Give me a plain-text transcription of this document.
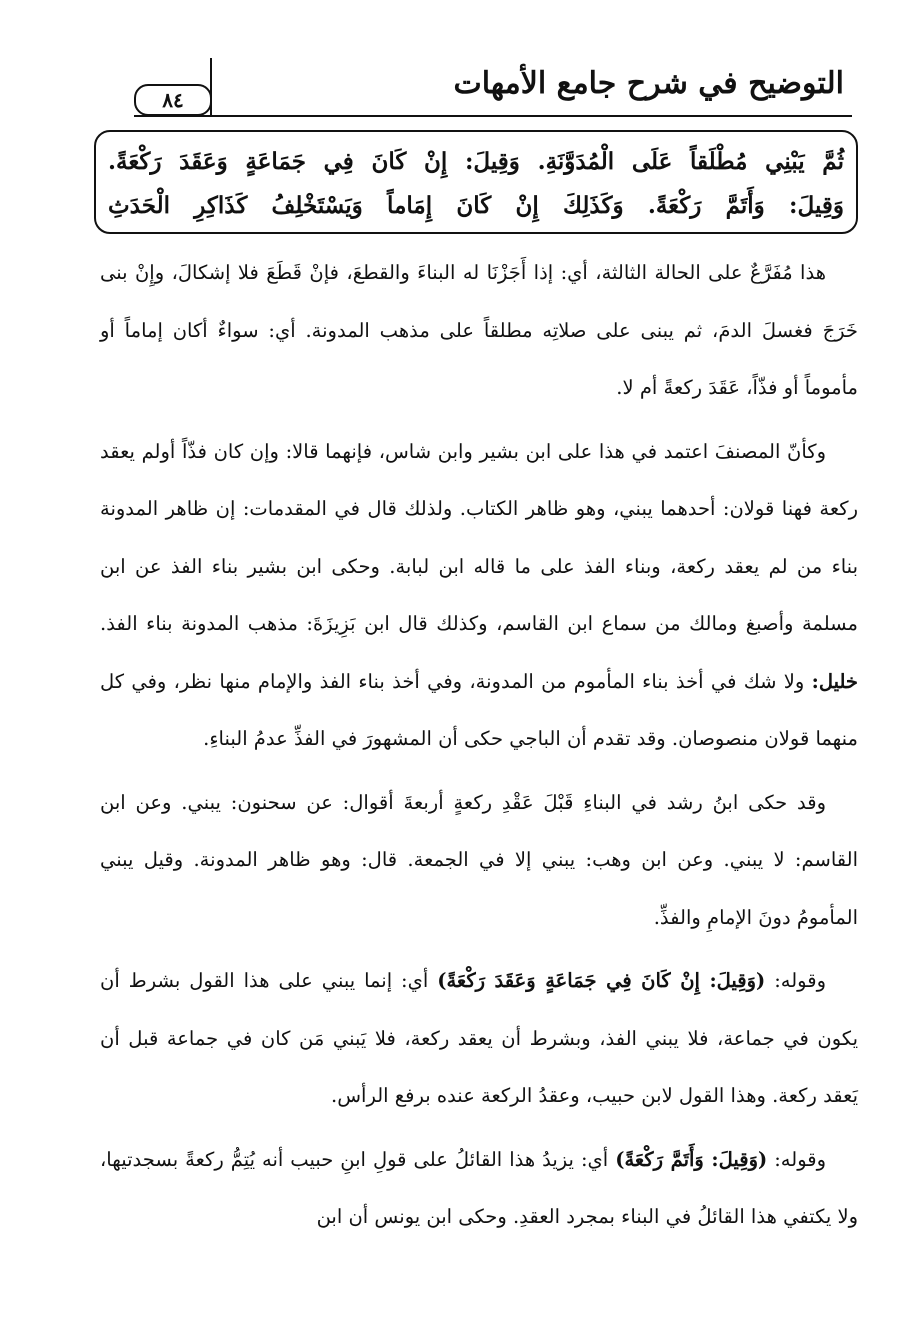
التوضيح في شرح جامع الأمهات
٨٤
ثُمَّ يَبْنِي مُطْلَقاً عَلَى الْمُدَوَّنَةِ. وَقِيلَ: إِنْ كَانَ فِي جَمَاعَةٍ وَعَقَدَ رَكْعَةً.
وَقِيلَ: وَأَتَمَّ رَكْعَةً. وَكَذَلِكَ إِنْ كَانَ إِمَاماً وَيَسْتَخْلِفُ كَذَاكِرِ الْحَدَثِ

هذا مُفَرَّعٌ على الحالة الثالثة، أي: إذا أَجَزْنَا له البناءَ والقطعَ، فإنْ قَطَعَ فلا إشكالَ، وإِنْ بنى خَرَجَ فغسلَ الدمَ، ثم يبنى على صلاتِه مطلقاً على مذهب المدونة. أي: سواءٌ أكان إماماً أو مأموماً أو فذّاً، عَقَدَ ركعةً أم لا.

وكأنّ المصنفَ اعتمد في هذا على ابن بشير وابن شاس، فإنهما قالا: وإن كان فذّاً أولم يعقد ركعة فهنا قولان: أحدهما يبني، وهو ظاهر الكتاب. ولذلك قال في المقدمات: إن ظاهر المدونة بناء من لم يعقد ركعة، وبناء الفذ على ما قاله ابن لبابة. وحكى ابن بشير بناء الفذ عن ابن مسلمة وأصبغ ومالك من سماع ابن القاسم، وكذلك قال ابن بَزِيزَةَ: مذهب المدونة بناء الفذ. خليل: ولا شك في أخذ بناء المأموم من المدونة، وفي أخذ بناء الفذ والإمام منها نظر، وفي كل منهما قولان منصوصان. وقد تقدم أن الباجي حكى أن المشهورَ في الفذِّ عدمُ البناءِ.

وقد حكى ابنُ رشد في البناءِ قَبْلَ عَقْدِ ركعةٍ أربعةَ أقوال: عن سحنون: يبني. وعن ابن القاسم: لا يبني. وعن ابن وهب: يبني إلا في الجمعة. قال: وهو ظاهر المدونة. وقيل يبني المأمومُ دونَ الإمامِ والفذِّ.

وقوله: (وَقِيلَ: إِنْ كَانَ فِي جَمَاعَةٍ وَعَقَدَ رَكْعَةً) أي: إنما يبني على هذا القول بشرط أن يكون في جماعة، فلا يبني الفذ، وبشرط أن يعقد ركعة، فلا يَبني مَن كان في جماعة قبل أن يَعقد ركعة. وهذا القول لابن حبيب، وعقدُ الركعة عنده برفع الرأس.

وقوله: (وَقِيلَ: وَأَتَمَّ رَكْعَةً) أي: يزيدُ هذا القائلُ على قولِ ابنِ حبيب أنه يُتِمُّ ركعةً بسجدتيها، ولا يكتفي هذا القائلُ في البناء بمجرد العقدِ. وحكى ابن يونس أن ابن
